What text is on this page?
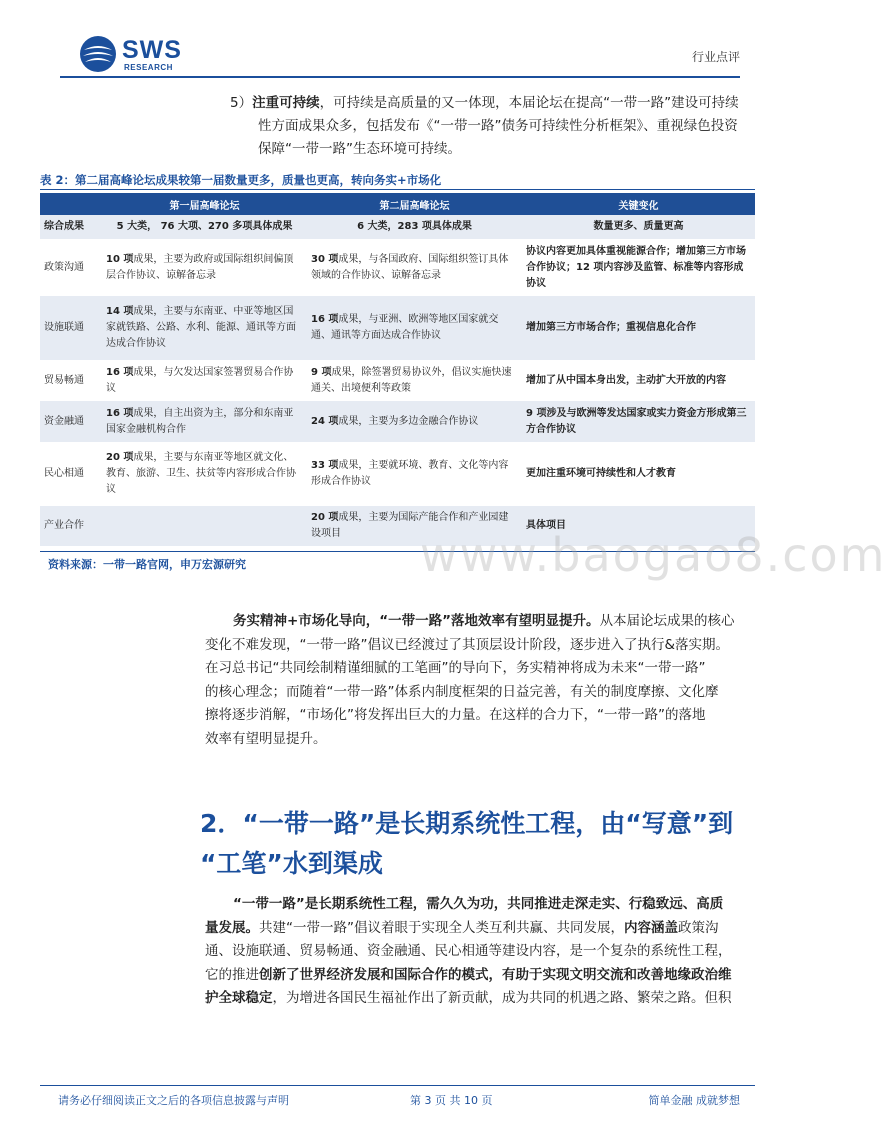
SWS
RESEARCH
行业点评
5）注重可持续，可持续是高质量的又一体现，本届论坛在提高“一带一路”建设可持续
性方面成果众多，包括发布《“一带一路”债务可持续性分析框架》、重视绿色投资
保障“一带一路”生态环境可持续。
表 2：第二届高峰论坛成果较第一届数量更多，质量也更高，转向务实+市场化
	第一届高峰论坛	第二届高峰论坛	关键变化
综合成果	5 大类， 76 大项、270 多项具体成果	6 大类，283 项具体成果	数量更多、质量更高
政策沟通	10 项成果，主要为政府或国际组织间偏顶层合作协议、谅解备忘录	30 项成果，与各国政府、国际组织签订具体领域的合作协议、谅解备忘录	协议内容更加具体重视能源合作；增加第三方市场合作协议；12 项内容涉及监管、标准等内容形成协议
设施联通	14 项成果，主要与东南亚、中亚等地区国家就铁路、公路、水利、能源、通讯等方面达成合作协议	16 项成果，与亚洲、欧洲等地区国家就交通、通讯等方面达成合作协议	增加第三方市场合作；重视信息化合作
贸易畅通	16 项成果，与欠发达国家签署贸易合作协议	9 项成果，除签署贸易协议外，倡议实施快速通关、出境便利等政策	增加了从中国本身出发，主动扩大开放的内容
资金融通	16 项成果，自主出资为主，部分和东南亚国家金融机构合作	24 项成果，主要为多边金融合作协议	9 项涉及与欧洲等发达国家或实力资金方形成第三方合作协议
民心相通	20 项成果，主要与东南亚等地区就文化、教育、旅游、卫生、扶贫等内容形成合作协议	33 项成果，主要就环境、教育、文化等内容形成合作协议	更加注重环境可持续性和人才教育
产业合作		20 项成果，主要为国际产能合作和产业园建设项目	具体项目
资料来源：一带一路官网，申万宏源研究	www.baogao8.com
务实精神+市场化导向，“一带一路”落地效率有望明显提升。从本届论坛成果的核心
变化不难发现，“一带一路”倡议已经渡过了其顶层设计阶段，逐步进入了执行&落实期。
在习总书记“共同绘制精谨细腻的工笔画”的导向下，务实精神将成为未来“一带一路”
的核心理念；而随着“一带一路”体系内制度框架的日益完善，有关的制度摩擦、文化摩
擦将逐步消解，“市场化”将发挥出巨大的力量。在这样的合力下，“一带一路”的落地
效率有望明显提升。
2．“一带一路”是长期系统性工程，由“写意”到
“工笔”水到渠成
“一带一路”是长期系统性工程，需久久为功，共同推进走深走实、行稳致远、高质
量发展。共建“一带一路”倡议着眼于实现全人类互利共赢、共同发展，内容涵盖政策沟
通、设施联通、贸易畅通、资金融通、民心相通等建设内容，是一个复杂的系统性工程，
它的推进创新了世界经济发展和国际合作的模式，有助于实现文明交流和改善地缘政治维
护全球稳定，为增进各国民生福祉作出了新贡献，成为共同的机遇之路、繁荣之路。但积
请务必仔细阅读正文之后的各项信息披露与声明	第 3 页 共 10 页	简单金融 成就梦想
